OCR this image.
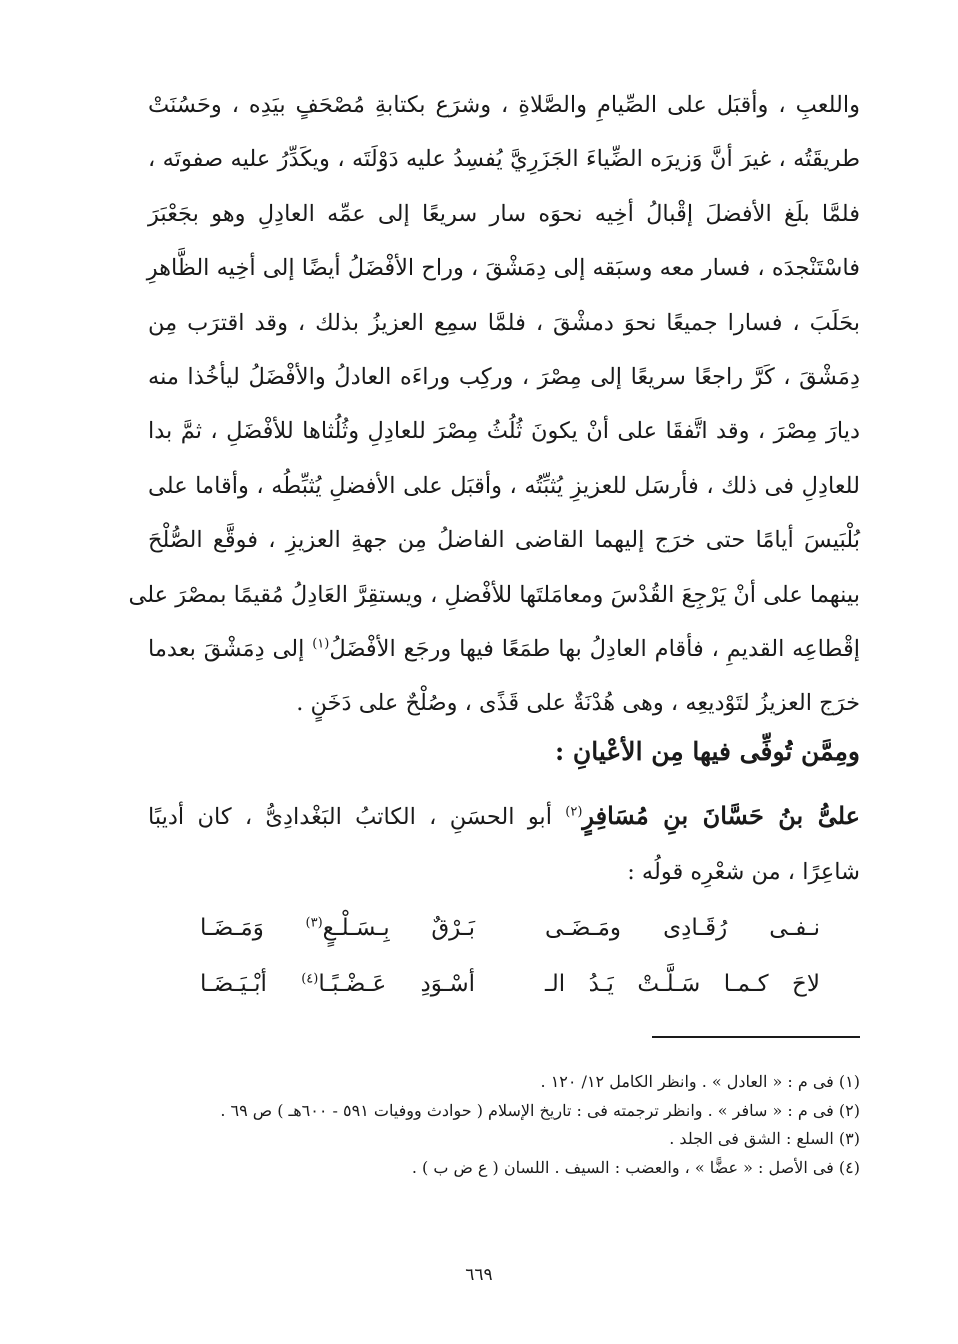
واللعبِ ، وأقبَل على الصِّيامِ والصَّلاةِ ، وشرَع بكتابةِ مُصْحَفٍ بيَدِه ، وحَسُنَتْ
طريقَتُه ، غيرَ أنَّ وَزيرَه الضِّياءَ الجَزَرِيَّ يُفسِدُ عليه دَوْلَتَه ، ويكَدِّرُ عليه صفوتَه ،
فلمَّا بلَغ الأفضلَ إقْبالُ أخِيه نحوَه سار سريعًا إلى عمِّه العادِلِ وهو بجَعْبَرَ
فاسْتَنْجدَه ، فسار معه وسبَقه إلى دِمَشْقَ ، وراح الأفْضَلُ أيضًا إلى أخِيه الظَّاهرِ
بحَلَبَ ، فسارا جميعًا نحوَ دمشْقَ ، فلمَّا سمِع العزيزُ بذلك ، وقد اقترَب مِن
دِمَشْقَ ، كَرَّ راجعًا سريعًا إلى مِصْرَ ، وركِب وراءَه العادلُ والأفْضَلُ ليأخُذا منه
ديارَ مِصْرَ ، وقد اتَّفقَا على أنْ يكونَ ثُلُثُ مِصْرَ للعادِلِ وثُلُثاها للأفْضَلِ ، ثمَّ بدا
للعادِلِ فى ذلك ، فأرسَل للعزيزِ يُثبِّتُه ، وأقبَل على الأفضلِ يُثبِّطُه ، وأقاما على
بُلْبَيسَ أيامًا حتى خرَج إليهما القاضى الفاضلُ مِن جهةِ العزيزِ ، فوقَّع الصُّلْحَ
بينهما على أنْ يَرْجِعَ القُدْسَ ومعامَلتَها للأفْضلِ ، ويستقِرَّ العَادِلُ مُقيمًا بمصْرَ على
إقْطاعِه القديمِ ، فأقام العادِلُ بها طمَعًا فيها ورجَع الأفْضَلُ$^{(١)}$ إلى دِمَشْقَ بعدما
خرَج العزيزُ لتَوْديعِه ، وهى هُدْنَةٌ على قَذًى ، وصُلْحٌ على دَخَنٍ .
ومِمَّن تُوفِّى فيها مِن الأعْيانِ :
علىُّ بنُ حَسَّانَ بنِ مُسَافِرٍ$^{(٢)}$ أبو الحسَنِ ، الكاتبُ البَغْدادِىُّ ، كان أديبًا
شاعِرًا ، من شعْرِه قولُه :
نـفـى رُقَـادِى ومَـضَـى
بَـرْقٌ بِـسَـلْـعٍ$^{(٣)}$ وَمَـضَـا
لاحَ كـمـا سَـلَّـتْ يَـدُ الـ
أسْـوَدِ عَـضْـبًـا$^{(٤)}$ أبْـيَـضَـا
(١) فى م : « العادل » . وانظر الكامل ١٢/ ١٢٠ .
(٢) فى م : « سافر » . وانظر ترجمته فى : تاريخ الإسلام ( حوادث ووفيات ٥٩١ - ٦٠٠هـ ) ص ٦٩ .
(٣) السلع : الشق فى الجلد .
(٤) فى الأصل : « عضًّا » ، والعضب : السيف . اللسان ( ع ض ب ) .
٦٦٩
